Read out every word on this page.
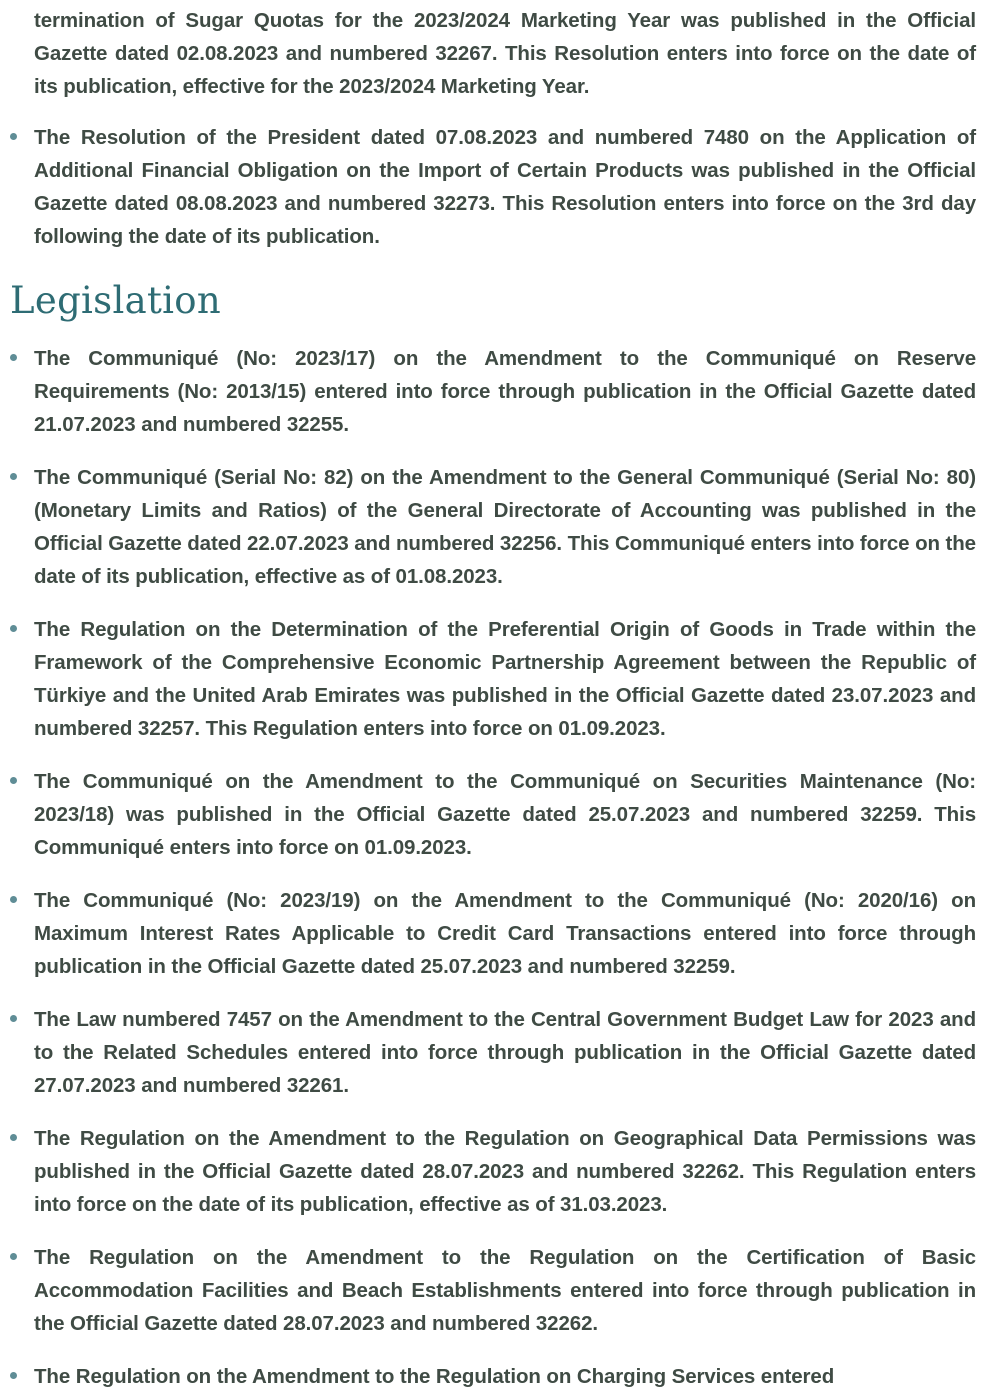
termination of Sugar Quotas for the 2023/2024 Marketing Year was published in the Official Gazette dated 02.08.2023 and numbered 32267. This Resolution enters into force on the date of its publication, effective for the 2023/2024 Marketing Year.

The Resolution of the President dated 07.08.2023 and numbered 7480 on the Application of Additional Financial Obligation on the Import of Certain Products was published in the Official Gazette dated 08.08.2023 and numbered 32273. This Resolution enters into force on the 3rd day following the date of its publication.
Legislation
The Communiqué (No: 2023/17) on the Amendment to the Communiqué on Reserve Requirements (No: 2013/15) entered into force through publication in the Official Gazette dated 21.07.2023 and numbered 32255.
The Communiqué (Serial No: 82) on the Amendment to the General Communiqué (Serial No: 80) (Monetary Limits and Ratios) of the General Directorate of Accounting was published in the Official Gazette dated 22.07.2023 and numbered 32256. This Communiqué enters into force on the date of its publication, effective as of 01.08.2023.
The Regulation on the Determination of the Preferential Origin of Goods in Trade within the Framework of the Comprehensive Economic Partnership Agreement between the Republic of Türkiye and the United Arab Emirates was published in the Official Gazette dated 23.07.2023 and numbered 32257. This Regulation enters into force on 01.09.2023.
The Communiqué on the Amendment to the Communiqué on Securities Maintenance (No: 2023/18) was published in the Official Gazette dated 25.07.2023 and numbered 32259. This Communiqué enters into force on 01.09.2023.
The Communiqué (No: 2023/19) on the Amendment to the Communiqué (No: 2020/16) on Maximum Interest Rates Applicable to Credit Card Transactions entered into force through publication in the Official Gazette dated 25.07.2023 and numbered 32259.
The Law numbered 7457 on the Amendment to the Central Government Budget Law for 2023 and to the Related Schedules entered into force through publication in the Official Gazette dated 27.07.2023 and numbered 32261.
The Regulation on the Amendment to the Regulation on Geographical Data Permissions was published in the Official Gazette dated 28.07.2023 and numbered 32262. This Regulation enters into force on the date of its publication, effective as of 31.03.2023.
The Regulation on the Amendment to the Regulation on the Certification of Basic Accommodation Facilities and Beach Establishments entered into force through publication in the Official Gazette dated 28.07.2023 and numbered 32262.
The Regulation on the Amendment to the Regulation on Charging Services entered
